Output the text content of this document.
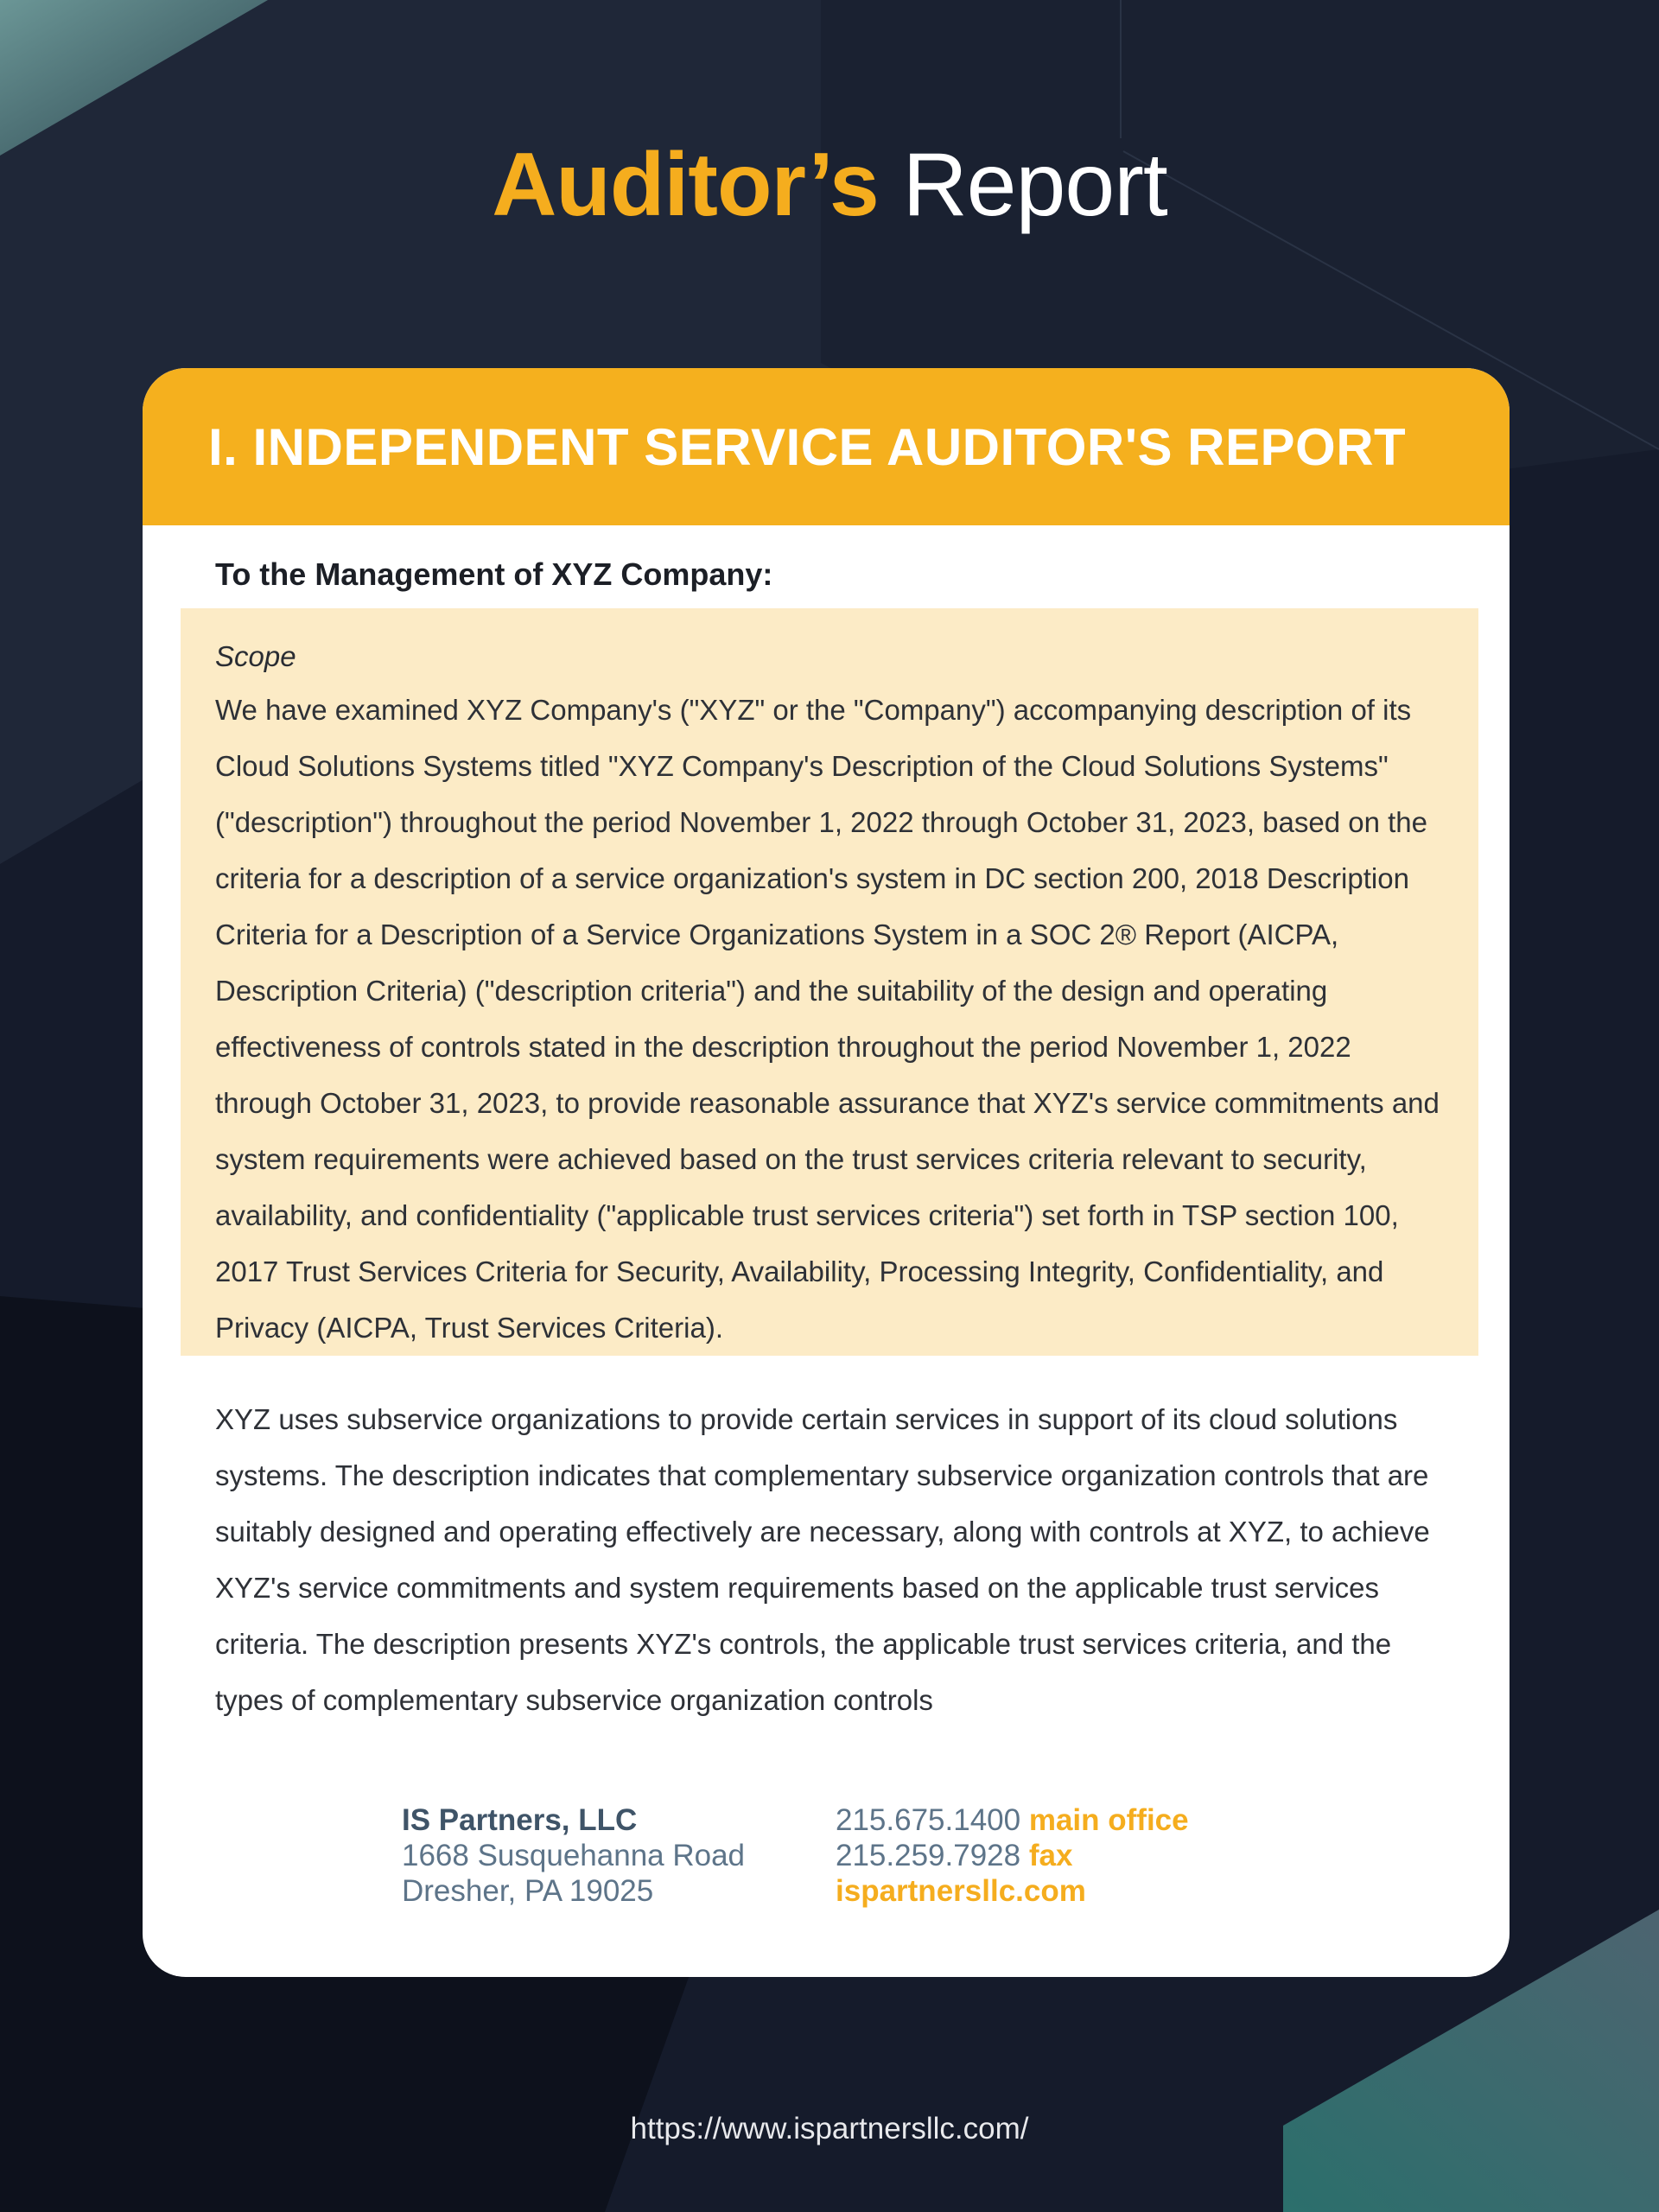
Auditor’s Report
I. INDEPENDENT SERVICE AUDITOR'S REPORT
To the Management of XYZ Company:
Scope

We have examined XYZ Company's ("XYZ" or the "Company") accompanying description of its Cloud Solutions Systems titled "XYZ Company's Description of the Cloud Solutions Systems" ("description") throughout the period November 1, 2022 through October 31, 2023, based on the criteria for a description of a service organization's system in DC section 200, 2018 Description Criteria for a Description of a Service Organizations System in a SOC 2® Report (AICPA, Description Criteria) ("description criteria") and the suitability of the design and operating effectiveness of controls stated in the description throughout the period November 1, 2022 through October 31, 2023, to provide reasonable assurance that XYZ's service commitments and system requirements were achieved based on the trust services criteria relevant to security, availability, and confidentiality ("applicable trust services criteria") set forth in TSP section 100, 2017 Trust Services Criteria for Security, Availability, Processing Integrity, Confidentiality, and Privacy (AICPA, Trust Services Criteria).

XYZ uses subservice organizations to provide certain services in support of its cloud solutions systems. The description indicates that complementary subservice organization controls that are suitably designed and operating effectively are necessary, along with controls at XYZ, to achieve XYZ's service commitments and system requirements based on the applicable trust services criteria. The description presents XYZ's controls, the applicable trust services criteria, and the types of complementary subservice organization controls

IS Partners, LLC
1668 Susquehanna Road
Dresher, PA 19025
215.675.1400 main office
215.259.7928 fax
ispartnersllc.com
https://www.ispartnersllc.com/
